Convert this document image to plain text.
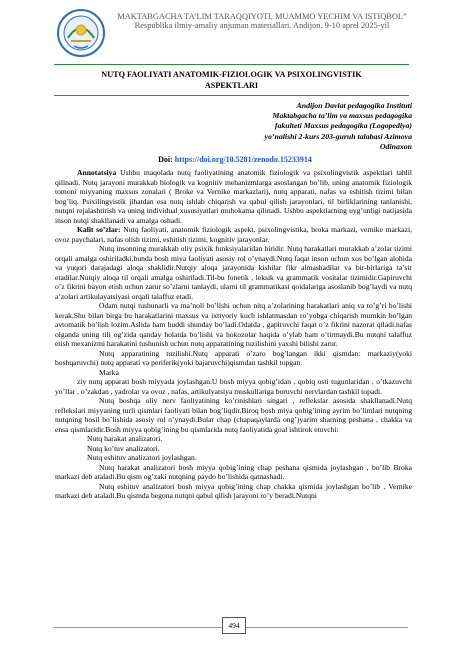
MAKTABGACHA TA’LIM TARAQQIYOTI, MUAMMO YECHIM VA ISTIQBOL” Respublika ilmiy-amaliy anjuman materiallari. Andijon. 9-10 aprel 2025-yil
NUTQ FAOLIYATI ANATOMIK-FIZIOLOGIK VA PSIXOLINGVISTIK ASPEKTLARI
Andijon Davlat pedagogika Instituti
Maktabgacha ta’lim va maxsus pedagogika
fakulteti Maxsus pedagogika (Logopediya)
yo’nalishi 2-kurs 203-guruh talabasi Azimova
Odinaxon
Doi: https://doi.org/10.5281/zenodo.15233914

Annotatsiya Ushbu maqolada nutq faoliyatining anatomik fiziologik va psixolingvistik aspektlari tahlil qilinadi. Nutq jarayoni murakkab biologik va kognitiv mehanizmlarga asoslangan bo’lib, uning anatomik fiziologik tomoni miyyaning maxsus zonalari ( Broke va Vernike markazlari), nutq apparati, nafas va eshitish tizimi bilan bog’liq. Psixilingvistik jihatdan esa nutq ishlab chiqarish va qabul qilish jarayonlari, til birliklarining tanlanishi, nutqni rejalashtirish va uning individual xususiyatlari muhokama qilinadi. Ushbu aspektlarning uyg’unligi natijasida inson nutqi shakllanadi va amalga oshadi.

Kalit so’zlar: Nutq faoliyati, anatomik fiziologik aspekt, psixolingvistika, broka markazi, vernike markazi, ovoz paychalari, nafas olish tizimi, eshitish tizimi, kognitiv jarayonlar.

Nutq insonning murakkab oliy psixik funksiyalaridan biridir. Nutq harakatlari murakkab a’zolar tizimi orqali amalga oshiriladki,bunda bosh miya faoliyati asosiy rol o’ynaydi.Nutq faqat inson uchun xos bo’lgan alohida va yuqori darajadagi aloqa shaklidir.Nutqiy aloqa jarayonida kishilar fikr almashadilar va bir-birlariga ta’sir etadilar.Nutqiy aloqa til orqali amalga oshiriladi.Til-bu fonetik , leksik va grammatik vositalar tizimidir.Gapiruvchi o’z fikrini bayon etish uchun zarur so’zlarni tanlaydi, ularni til grammatikasi qoidalariga asoslanib bog’laydi va nutq a’zolari artikulayatsiyasi orqali talaffuz etadi.

Odam nutqi tushunarli va ma’noli bo’lishi uchun nitq a’zolarining harakatlari aniq va to’g’ri bo’lishi kerak.Shu bilan birga bu harakatlarini maxsus va ixtiyoriy kuch ishlatmasdan ro’yobga chiqarish mumkin bo’lgan avtomatik bo’lish lozim.Aslida ham huddi shunday bo’ladi.Odatda , gapiruvchi faqat o’z fikrini nazorat qiladi.nafas olganda uning tili og’zida qanday holatda bo’lishi va hokozolar haqida o’ylab ham o’tirmaydi.Bu nutqni talaffuz etish mexanizmi harakatini tushunish uchun nutq apparatining tuzilishini yaxshi bilishi zarur.

Nutq apparatining tuzilishi.Nutq apparati o’zaro bog’langan ikki qismdan: markaziy(yoki boshqaruvchi) nutq apparati va periferik(yoki bajaruvchi)qismdan tashkil topgan.

Marka

ziy nutq apparati bosh miyyada joylashgan.U bosh miyya qobig’idan , qobiq osti tugunlaridan , o’tkazuvchi yo’llar , o’zakdan , yadrolar va ovoz , nafas, artikulyatsiya muskullariga boruvchi nervlardan tashkil topadi.

Nutq boshqa oliy nerv faoliyatining ko’rinishlari singari , reflekslar asosida shakllanadi.Nutq reflekslari miyyaning turli qismlari faoliyati bilan bog’liqdir.Biroq bosh miya qobig’ining ayrim bo’limlari nutqning nutqning hosil bo’lishida asosiy rol o’ynaydi.Bular chap (chapaqaylarda ong’)yarim sharning peshana , chakka va ensa qismlaridir.Bosh miyya qobig’ining bu qismlarida nutq faoliyatida goal ishtirok etuvchi:

Nutq harakat analizatori.
Nutq ko’tuv analizatori.
Nutq eshituv analizatori joylashgan.

Nutq harakat analizatori bosh miyya qobig’ining chap peshana qismida joylashgan , bo’lib Broka markazi deb ataladi.Bu qism og’zaki nutqning paydo bo’lishida qatnashadi.

Nutq eshituv analizatori bosh miyya qobig’ining chap chakka qismida joylashgan bo’lib , Vernike markazi deb ataladi.Bu qismda begona nutqni qabul qilish jarayoni ro’y beradi.Nutqni

494
